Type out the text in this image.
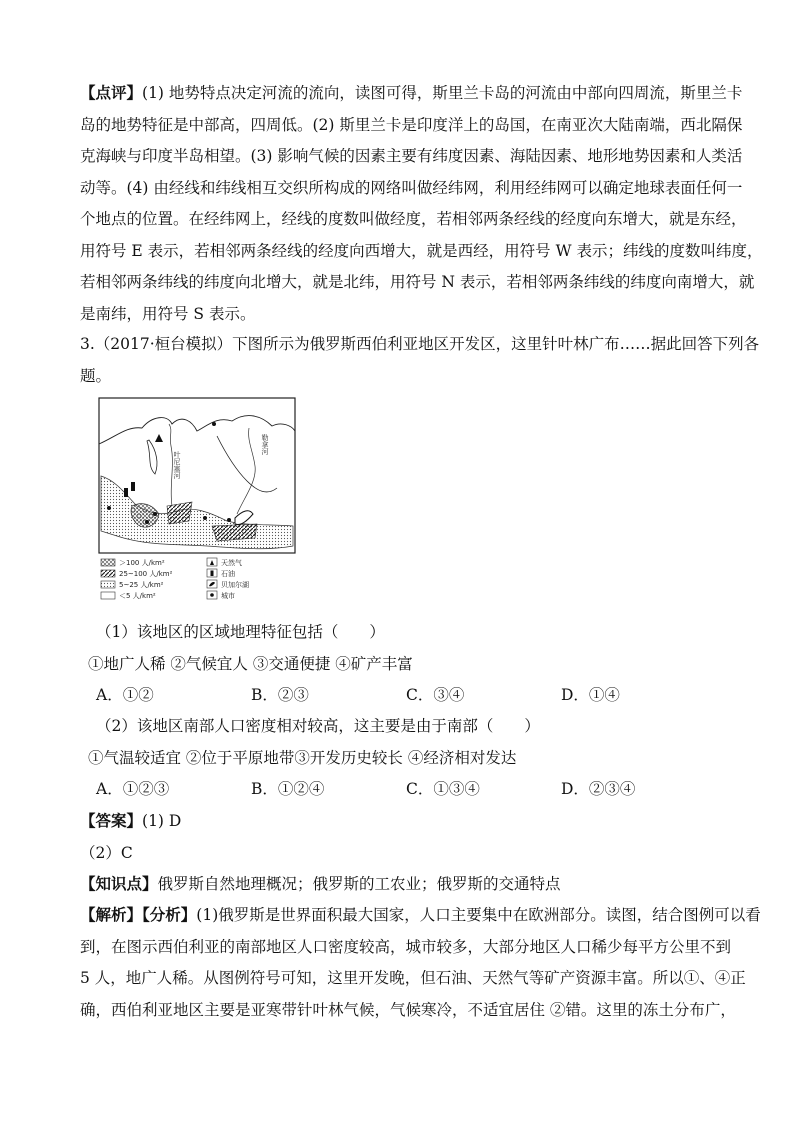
【点评】(1) 地势特点决定河流的流向，读图可得，斯里兰卡岛的河流由中部向四周流，斯里兰卡
岛的地势特征是中部高，四周低。(2) 斯里兰卡是印度洋上的岛国，在南亚次大陆南端，西北隔保
克海峡与印度半岛相望。(3) 影响气候的因素主要有纬度因素、海陆因素、地形地势因素和人类活
动等。(4) 由经线和纬线相互交织所构成的网络叫做经纬网，利用经纬网可以确定地球表面任何一
个地点的位置。在经纬网上，经线的度数叫做经度，若相邻两条经线的经度向东增大，就是东经，
用符号 E 表示，若相邻两条经线的经度向西增大，就是西经，用符号 W 表示；纬线的度数叫纬度，
若相邻两条纬线的纬度向北增大，就是北纬，用符号 N 表示，若相邻两条纬线的纬度向南增大，就
是南纬，用符号 S 表示。
3.（2017·桓台模拟）下图所示为俄罗斯西伯利亚地区开发区，这里针叶林广布……据此回答下列各
题。
叶尼塞河
勒拿河
＞100 人/km²
25~100 人/km²
5~25 人/km²
＜5 人/km²
天然气
石油
贝加尔湖
城市
（1）该地区的区域地理特征包括（　　）
①地广人稀 ②气候宜人 ③交通便捷 ④矿产丰富
A．①②	B．②③	C．③④	D．①④
（2）该地区南部人口密度相对较高，这主要是由于南部（　　）
①气温较适宜 ②位于平原地带③开发历史较长 ④经济相对发达
A．①②③	B．①②④	C．①③④	D．②③④
【答案】(1) D
（2）C
【知识点】俄罗斯自然地理概况；俄罗斯的工农业；俄罗斯的交通特点
【解析】【分析】(1)俄罗斯是世界面积最大国家，人口主要集中在欧洲部分。读图，结合图例可以看
到，在图示西伯利亚的南部地区人口密度较高，城市较多，大部分地区人口稀少每平方公里不到
5 人，地广人稀。从图例符号可知，这里开发晚，但石油、天然气等矿产资源丰富。所以①、④正
确，西伯利亚地区主要是亚寒带针叶林气候，气候寒冷，不适宜居住 ②错。这里的冻土分布广，
